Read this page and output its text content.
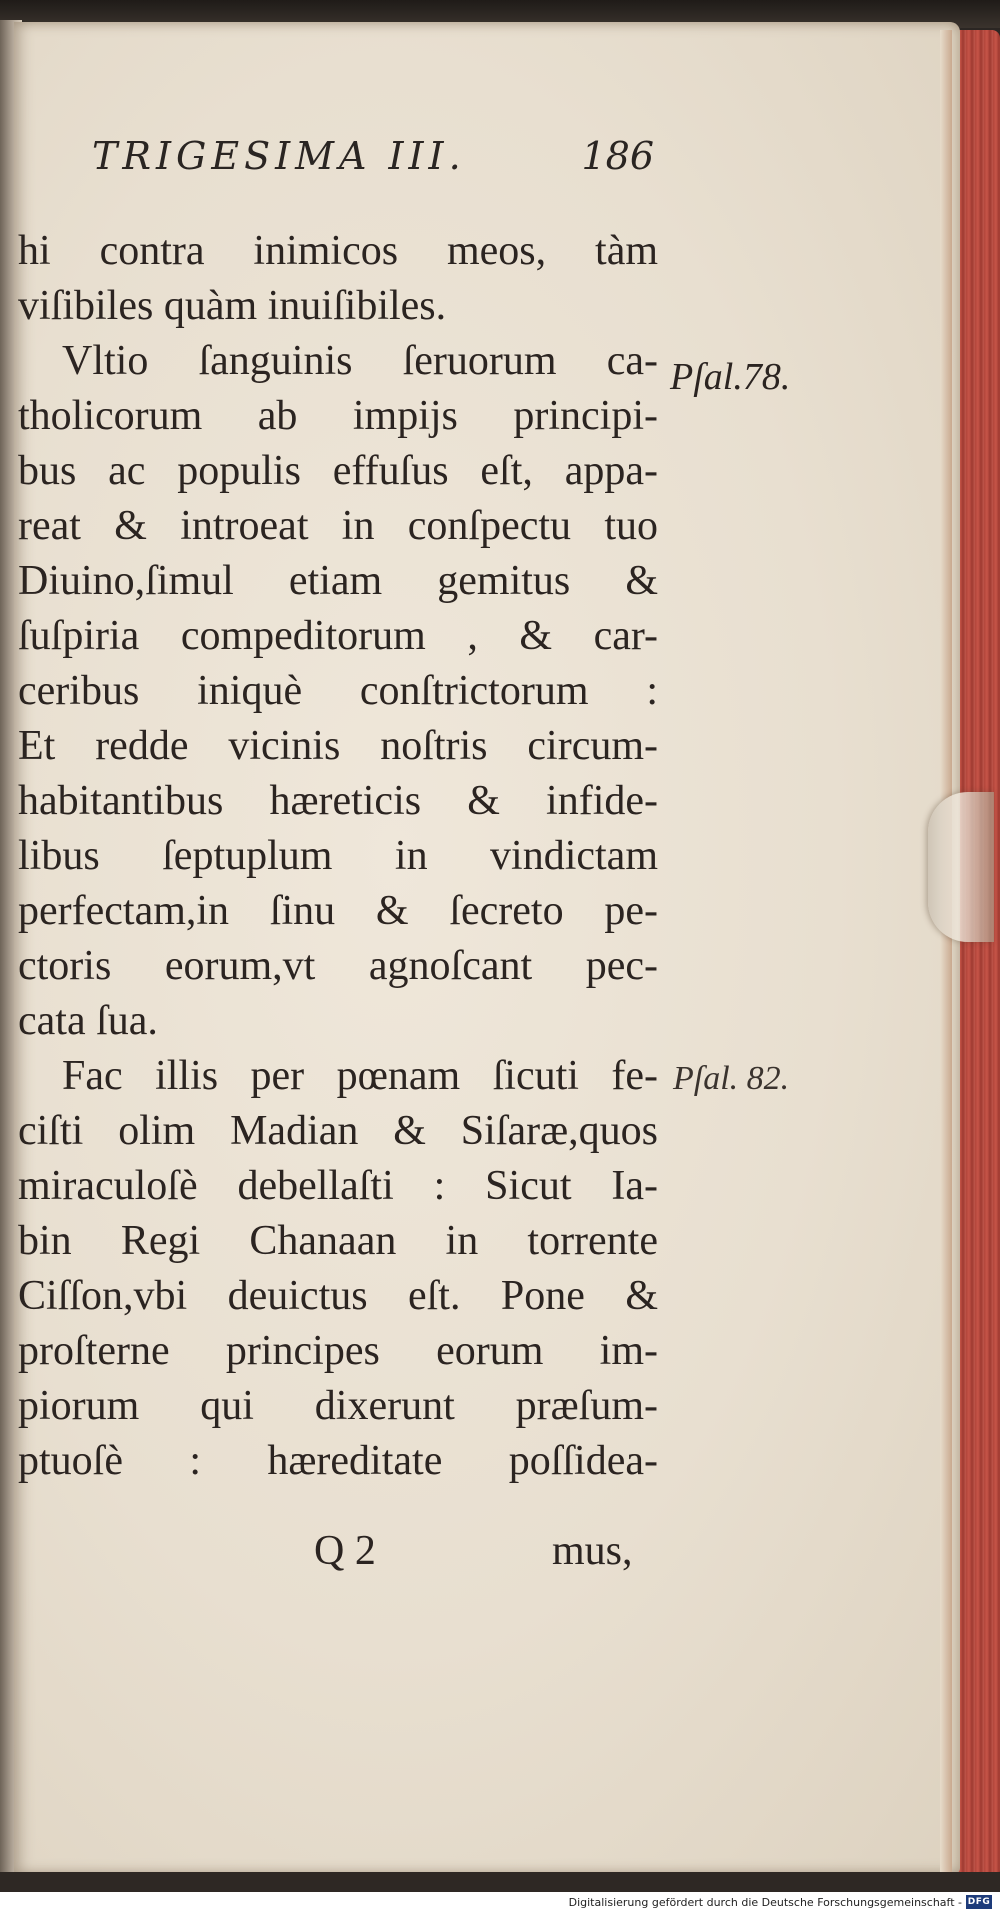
TRIGESIMA III.	186
hi contra inimicos meos, tàm
viſibiles quàm inuiſibiles.
Vltio ſanguinis ſeruorum ca-
tholicorum ab impijs principi-
bus ac populis effuſus eſt, appa-
reat & introeat in conſpectu tuo
Diuino,ſimul etiam gemitus &
ſuſpiria compeditorum , & car-
ceribus iniquè conſtrictorum :
Et redde vicinis noſtris circum-
habitantibus hæreticis & infide-
libus ſeptuplum in vindictam
perfectam,in ſinu & ſecreto pe-
ctoris eorum,vt agnoſcant pec-
cata ſua.
Fac illis per pœnam ſicuti fe-
ciſti olim Madian & Siſaræ,quos
miraculoſè debellaſti : Sicut Ia-
bin Regi Chanaan in torrente
Ciſſon,vbi deuictus eſt. Pone &
proſterne principes eorum im-
piorum qui dixerunt præſum-
ptuoſè : hæreditate poſſidea-
Pſal.78.
Pſal. 82.
Q 2	mus,
Digitalisierung gefördert durch die Deutsche Forschungsgemeinschaft - DFG
